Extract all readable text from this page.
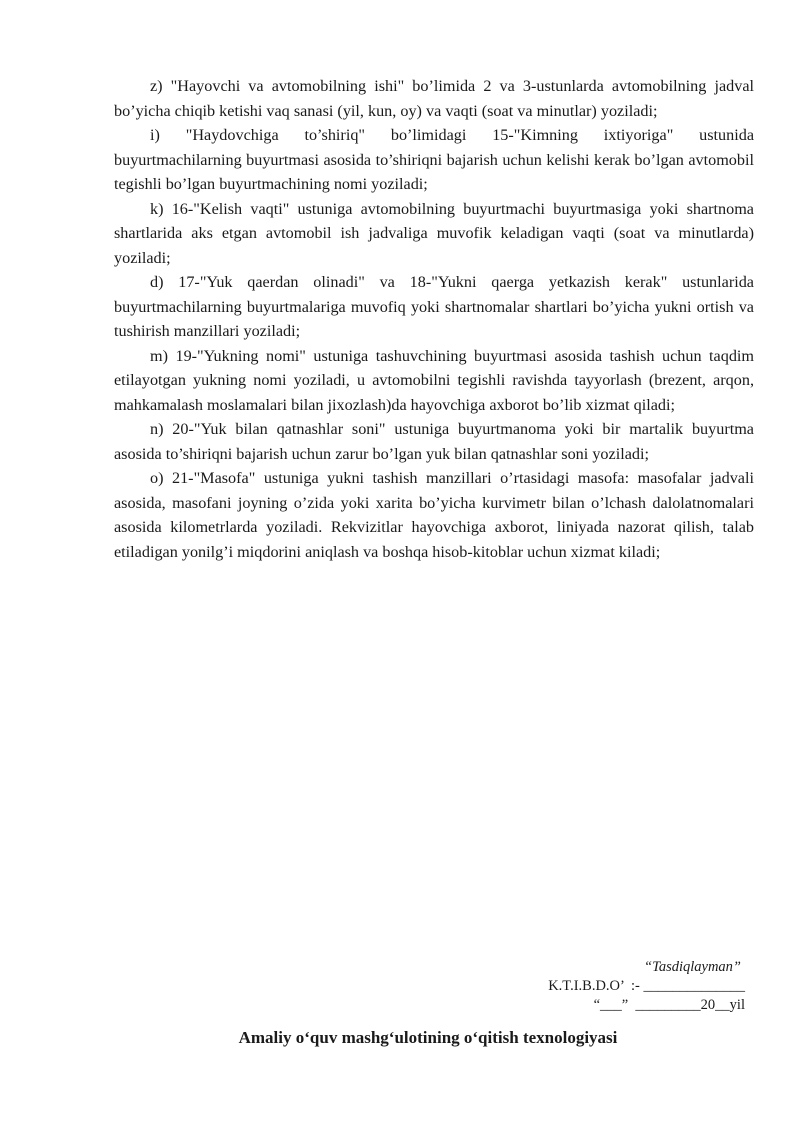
z) "Hayovchi va avtomobilning ishi" bo’limida 2 va 3-ustunlarda avtomobilning jadval bo’yicha chiqib ketishi vaq sanasi (yil, kun, oy) va vaqti (soat va minutlar) yoziladi;

i) "Haydovchiga to’shiriq" bo’limidagi 15-"Kimning ixtiyoriga" ustunida buyurtmachilarning buyurtmasi asosida to’shiriqni bajarish uchun kelishi kerak bo’lgan avtomobil tegishli bo’lgan buyurtmachining nomi yoziladi;

k) 16-"Kelish vaqti" ustuniga avtomobilning buyurtmachi buyurtmasiga yoki shartnoma shartlarida aks etgan avtomobil ish jadvaliga muvofik keladigan vaqti (soat va minutlarda) yoziladi;

d) 17-"Yuk qaerdan olinadi" va 18-"Yukni qaerga yetkazish kerak" ustunlarida buyurtmachilarning buyurtmalariga muvofiq yoki shartnomalar shartlari bo’yicha yukni ortish va tushirish manzillari yoziladi;

m) 19-"Yukning nomi" ustuniga tashuvchining buyurtmasi asosida tashish uchun taqdim etilayotgan yukning nomi yoziladi, u avtomobilni tegishli ravishda tayyorlash (brezent, arqon, mahkamalash moslamalari bilan jixozlash)da hayovchiga axborot bo’lib xizmat qiladi;

n) 20-"Yuk bilan qatnashlar soni" ustuniga buyurtmanoma yoki bir martalik buyurtma asosida to’shiriqni bajarish uchun zarur bo’lgan yuk bilan qatnashlar soni yoziladi;

o) 21-"Masofa" ustuniga yukni tashish manzillari o’rtasidagi masofa: masofalar jadvali asosida, masofani joyning o’zida yoki xarita bo’yicha kurvimetr bilan o’lchash dalolatnomalari asosida kilometrlarda yoziladi. Rekvizitlar hayovchiga axborot, liniyada nazorat qilish, talab etiladigan yonilg’i miqdorini aniqlash va boshqa hisob-kitoblar uchun xizmat kiladi;

“Tasdiqlayman”
K.T.I.B.D.O’  :- ______________
“___”  _________20__yil
Amaliy o‘quv mashg‘ulotining o‘qitish texnologiyasi
